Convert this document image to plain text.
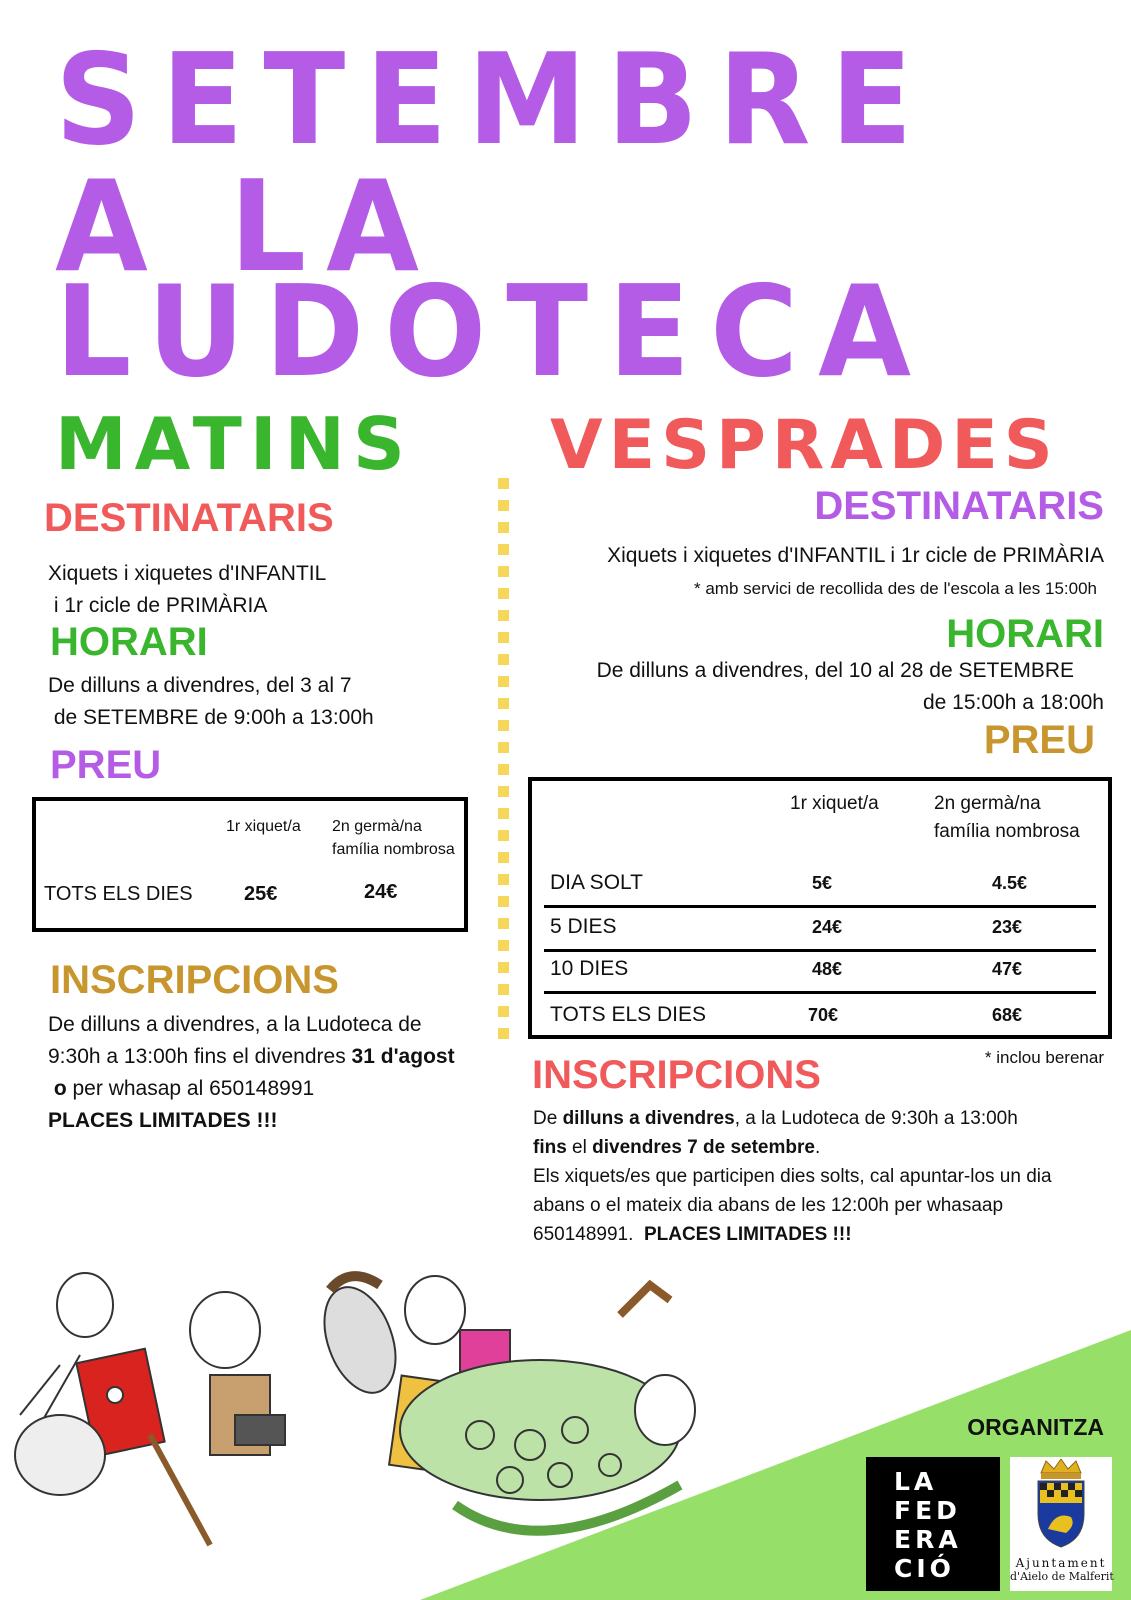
SETEMBRE
A LA
LUDOTECA
MATINS
DESTINATARIS
Xiquets i xiquetes d'INFANTIL
i 1r cicle de PRIMÀRIA
HORARI
De dilluns a divendres, del 3 al 7
de SETEMBRE de 9:00h a 13:00h
PREU
1r xiquet/a 2n germà/na
família nombrosa
TOTS ELS DIES	25€	24€
INSCRIPCIONS
De dilluns a divendres, a la Ludoteca de
9:30h a 13:00h fins el divendres 31 d'agost
o per whasap al 650148991
PLACES LIMITADES !!!
VESPRADES
DESTINATARIS
Xiquets i xiquetes d'INFANTIL i 1r cicle de PRIMÀRIA
* amb servici de recollida des de l'escola a les 15:00h
HORARI
De dilluns a divendres, del 10 al 28 de SETEMBRE
de 15:00h a 18:00h
PREU
1r xiquet/a	2n germà/na
família nombrosa
DIA SOLT	5€	4.5€
5 DIES	24€	23€
10 DIES	48€	47€
TOTS ELS DIES	70€	68€
* inclou berenar
INSCRIPCIONS
De dilluns a divendres, a la Ludoteca de 9:30h a 13:00h
fins el divendres 7 de setembre.
Els xiquets/es que participen dies solts, cal apuntar-los un dia
abans o el mateix dia abans de les 12:00h per whasaap
650148991.  PLACES LIMITADES !!!
ORGANITZA
LA
FED
ERA
CIÓ	Ajuntament
d'Aielo de Malferit
